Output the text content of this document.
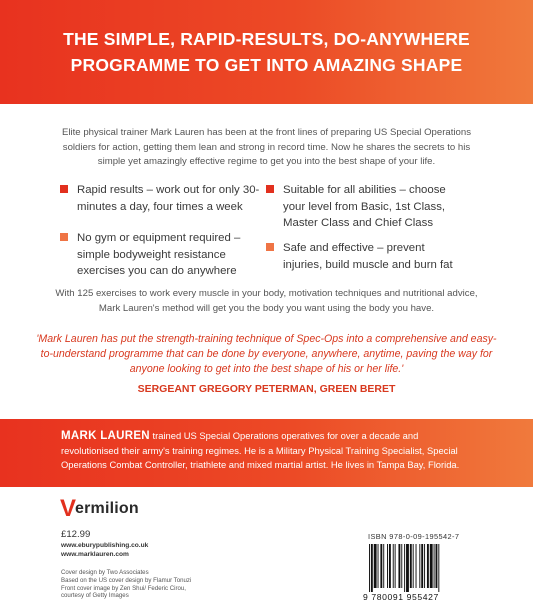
THE SIMPLE, RAPID-RESULTS, DO-ANYWHERE
PROGRAMME TO GET INTO AMAZING SHAPE
Elite physical trainer Mark Lauren has been at the front lines of preparing US Special Operations soldiers for action, getting them lean and strong in record time. Now he shares the secrets to his simple yet amazingly effective regime to get you into the best shape of your life.
Rapid results – work out for only 30-minutes a day, four times a week
Suitable for all abilities – choose your level from Basic, 1st Class, Master Class and Chief Class
No gym or equipment required – simple bodyweight resistance exercises you can do anywhere
Safe and effective – prevent injuries, build muscle and burn fat
With 125 exercises to work every muscle in your body, motivation techniques and nutritional advice, Mark Lauren's method will get you the body you want using the body you have.
'Mark Lauren has put the strength-training technique of Spec-Ops into a comprehensive and easy-to-understand programme that can be done by everyone, anywhere, anytime, paving the way for anyone looking to get into the best shape of his or her life.'
SERGEANT GREGORY PETERMAN, GREEN BERET
MARK LAUREN trained US Special Operations operatives for over a decade and revolutionised their army's training regimes. He is a Military Physical Training Specialist, Special Operations Combat Controller, triathlete and mixed martial artist. He lives in Tampa Bay, Florida.
V ermilion
£12.99
www.eburypublishing.co.uk
www.marklauren.com
Cover design by Two Associates
Based on the US cover design by Flamur Tonuzi
Front cover image by Zen Shui/ Federic Cirou,
courtesy of Getty Images
ISBN 978-0-09-195542-7
9 780091 955427
